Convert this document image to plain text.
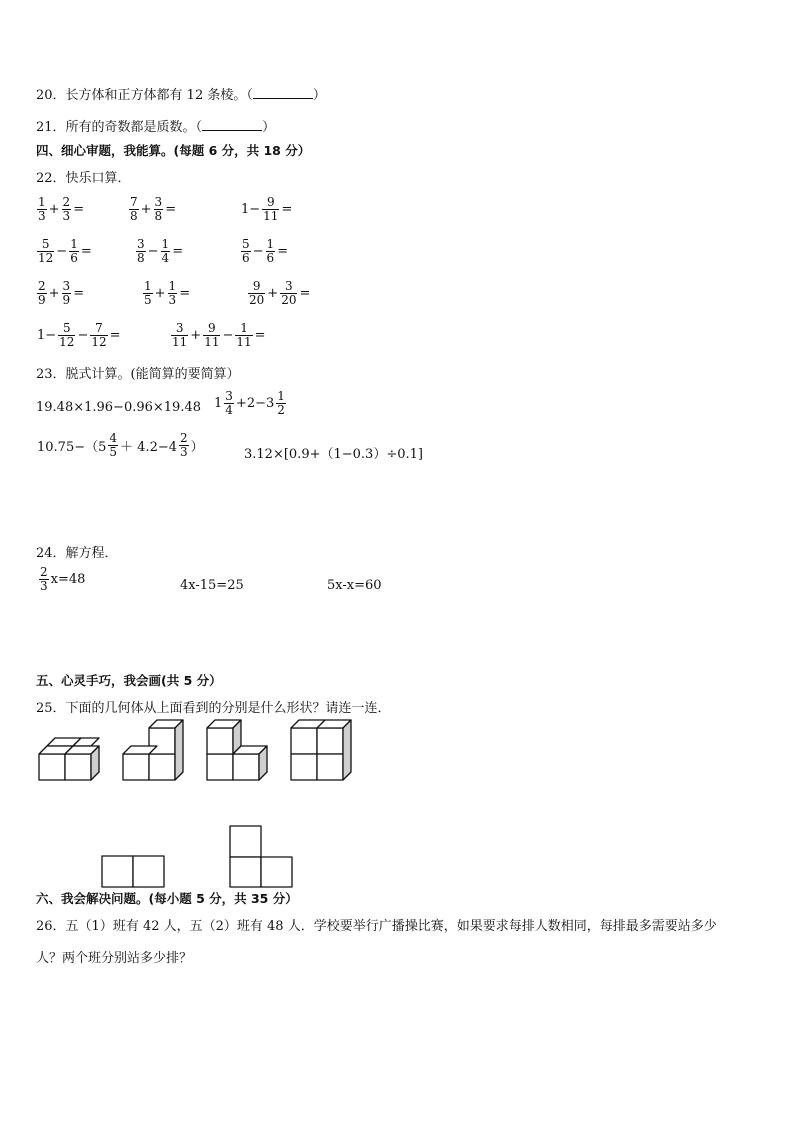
20．长方体和正方体都有 12 条棱。（	）
21．所有的奇数都是质数。（	）
四、细心审题，我能算。(每题 6 分，共 18 分）
22．快乐口算．
$\frac{1}{3} + \frac{2}{3}$ =	$\frac{7}{8} + \frac{3}{8}$ =	$1- \frac{9}{11}$ =
$\frac{5}{12} - \frac{1}{6}$ =	$\frac{3}{8} - \frac{1}{4}$ =	$\frac{5}{6} - \frac{1}{6}$ =
$\frac{2}{9} + \frac{3}{9}$ =	$\frac{1}{5} + \frac{1}{3}$ =	$\frac{9}{20} + \frac{3}{20}$ =
$1- \frac{5}{12} - \frac{7}{12}$ =	$\frac{3}{11} + \frac{9}{11} - \frac{1}{11}$ =
23．脱式计算。(能简算的要简算）
19.48×1.96−0.96×19.48 $1 \frac{3}{4} +2-3 \frac{1}{2}$
$10.75-(5 \frac{4}{5} + 4.2-4 \frac{2}{3}$ ）	3.12×[0.9+（1−0.3）÷0.1]
24．解方程．
$\frac{2}{3} x=48$	4x-15=25	5x-x=60
五、心灵手巧，我会画(共 5 分）
25．下面的几何体从上面看到的分别是什么形状？请连一连．
六、我会解决问题。(每小题 5 分，共 35 分）
26．五（1）班有 42 人，五（2）班有 48 人．学校要举行广播操比赛，如果要求每排人数相同，每排最多需要站多少
人？两个班分别站多少排？
